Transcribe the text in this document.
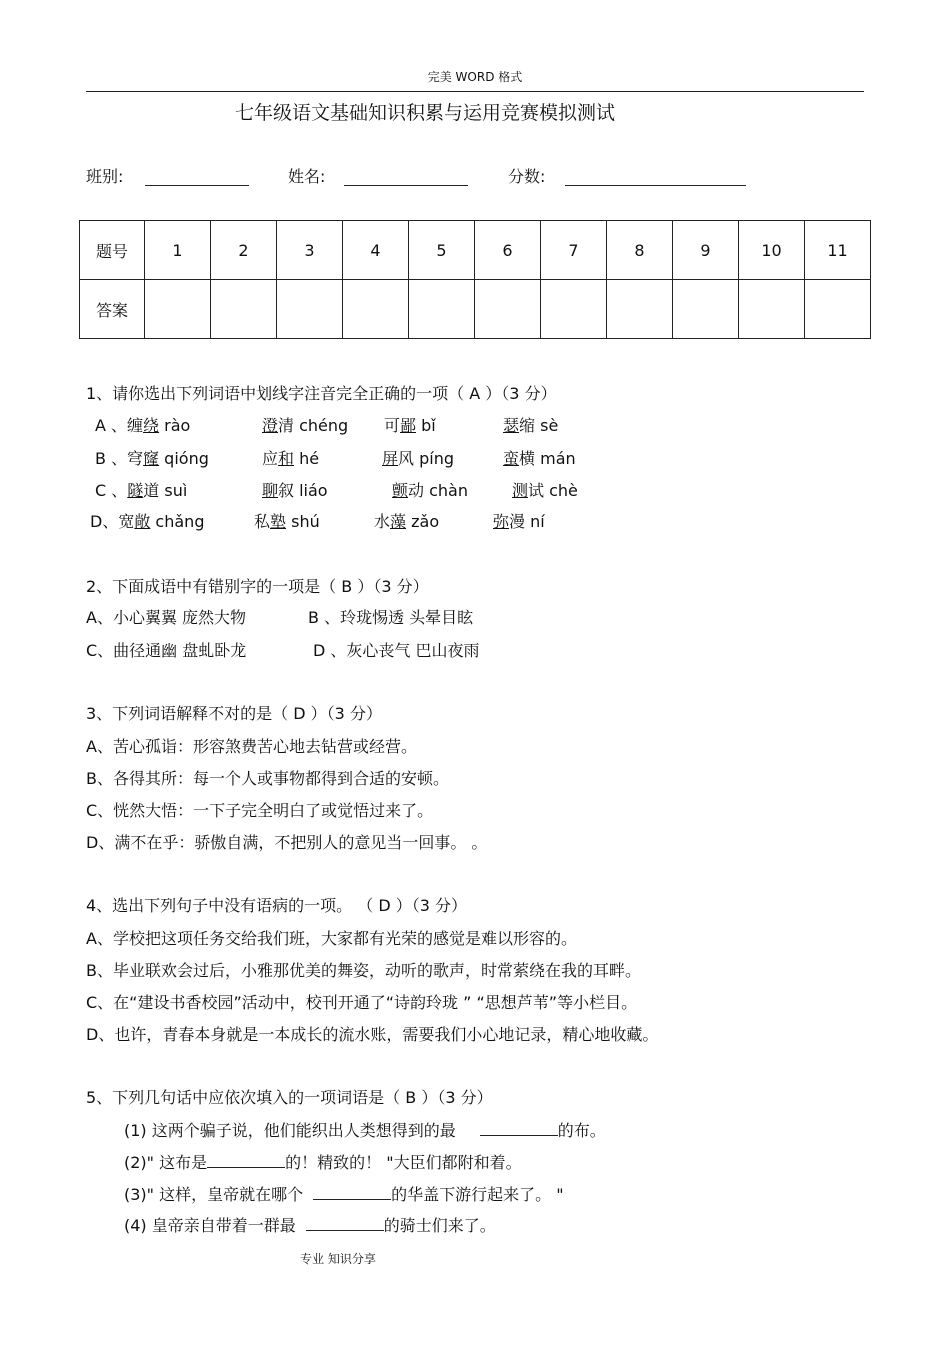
完美 WORD 格式
七年级语文基础知识积累与运用竞赛模拟测试
班别:	姓名:	分数:
题号	1	2	3	4	5	6	7	8	9	10	11
答案											
1、请你选出下列词语中划线字注音完全正确的一项（ A ）（3 分）
A 、缠绕 rào	澄清 chéng 可鄙 bǐ	瑟缩 sè
B 、穹窿 qióng	应和 hé	屏风 píng	蛮横 mán
C 、隧道 suì	聊叙 liáo	颤动 chàn	测试 chè
D、宽敞 chǎng	私塾 shú	水藻 zǎo	弥漫 ní
2、下面成语中有错别字的一项是（ B ）（3 分）
A、小心翼翼 庞然大物	B 、玲珑惕透 头晕目眩
C、曲径通幽 盘虬卧龙	D 、灰心丧气 巴山夜雨
3、下列词语解释不对的是（ D ）（3 分）
A、苦心孤诣：形容煞费苦心地去钻营或经营。
B、各得其所：每一个人或事物都得到合适的安顿。
C、恍然大悟：一下子完全明白了或觉悟过来了。
D、满不在乎：骄傲自满，不把别人的意见当一回事。 。
4、选出下列句子中没有语病的一项。 （ D ）（3 分）
A、学校把这项任务交给我们班，大家都有光荣的感觉是难以形容的。
B、毕业联欢会过后，小雅那优美的舞姿，动听的歌声，时常萦绕在我的耳畔。
C、在“建设书香校园”活动中，校刊开通了“诗韵玲珑 ” “思想芦苇”等小栏目。
D、也许，青春本身就是一本成长的流水账，需要我们小心地记录，精心地收藏。
5、下列几句话中应依次填入的一项词语是（ B ）（3 分）
(1) 这两个骗子说，他们能织出人类想得到的最	的布。
(2)" 这布是	的！精致的！ "大臣们都附和着。
(3)" 这样，皇帝就在哪个	的华盖下游行起来了。 "
(4) 皇帝亲自带着一群最	的骑士们来了。
专业 知识分享
